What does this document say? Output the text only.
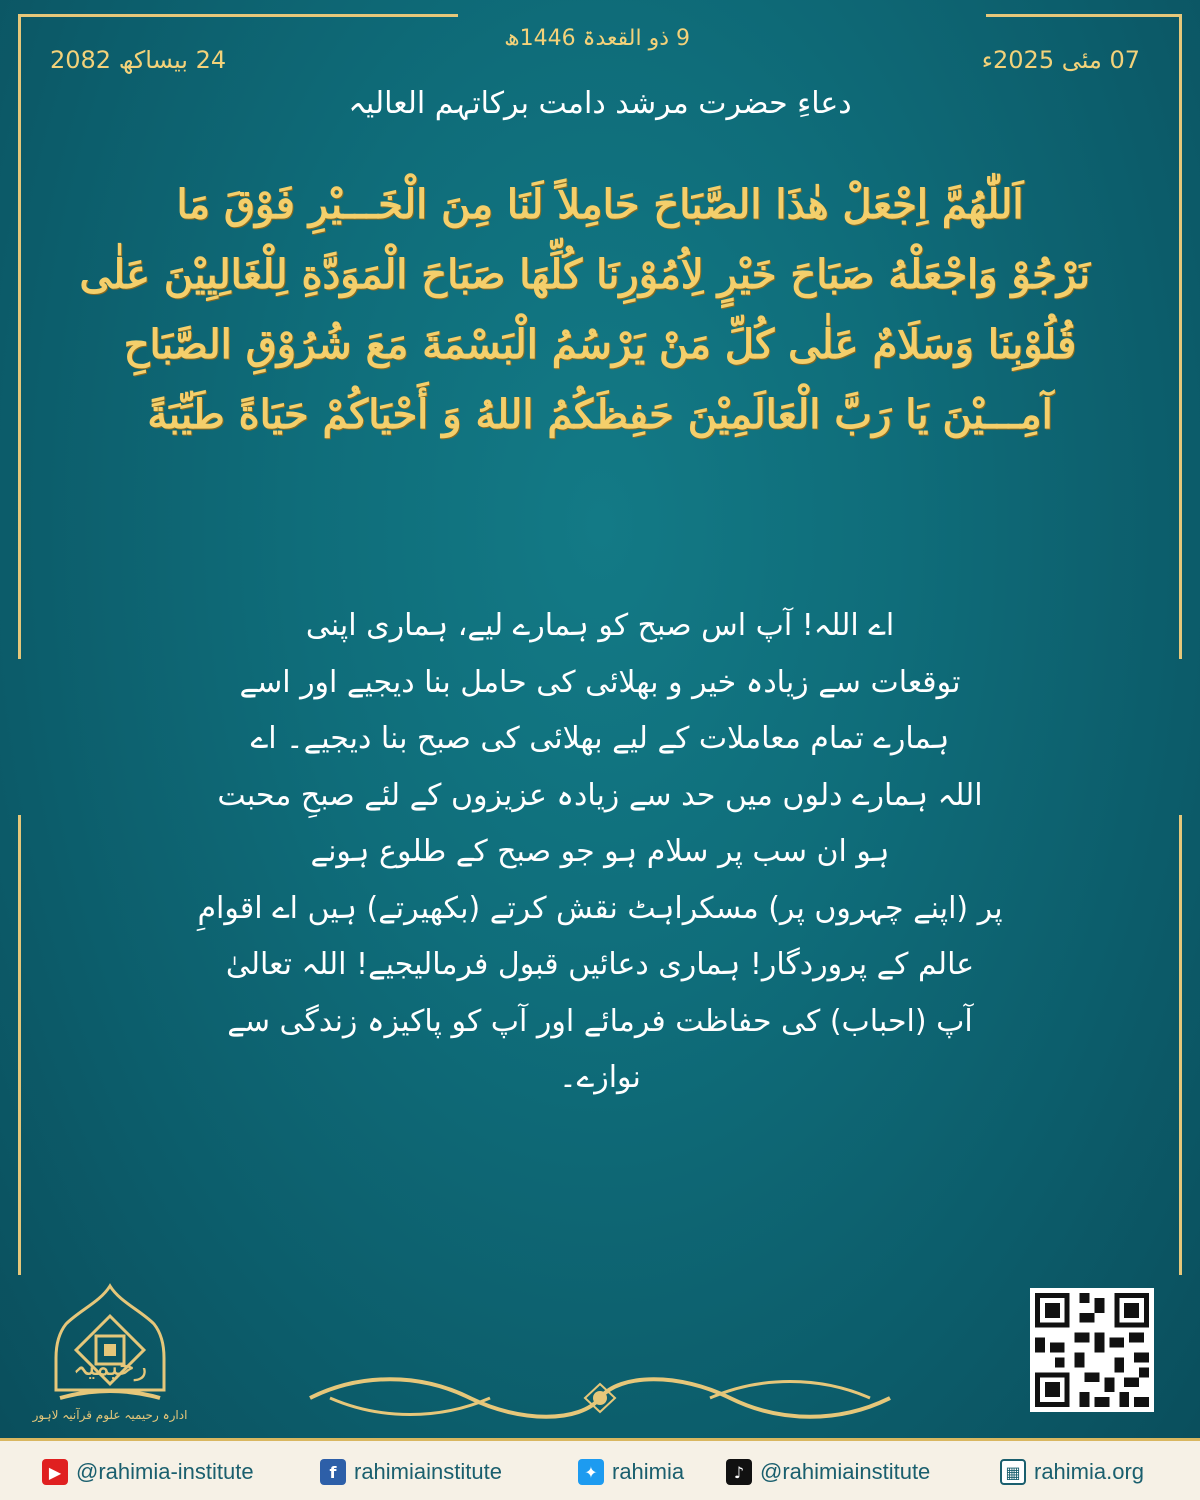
9 ذو القعدۃ 1446ھ
07 مئی 2025ء
24 بیساکھ 2082
دعاءِ حضرت مرشد دامت برکاتہم العالیہ
اَللّٰهُمَّ اِجْعَلْ هٰذَا الصَّبَاحَ حَامِلاً لَنَا مِنَ الْخَـــيْرِ فَوْقَ مَا
نَرْجُوْ وَاجْعَلْهُ صَبَاحَ خَيْرٍ لِاُمُوْرِنَا كُلِّهَا صَبَاحَ الْمَوَدَّةِ لِلْغَالِيِيْنَ عَلٰى
قُلُوْبِنَا وَسَلَامٌ عَلٰى كُلِّ مَنْ يَرْسُمُ الْبَسْمَةَ مَعَ شُرُوْقِ الصَّبَاحِ
آمِـــيْنَ يَا رَبَّ الْعَالَمِيْنَ حَفِظَكُمُ اللهُ وَ أَحْيَاكُمْ حَيَاةً طَيِّبَةً
اے اللہ! آپ اس صبح کو ہمارے لیے، ہماری اپنی
توقعات سے زیادہ خیر و بھلائی کی حامل بنا دیجیے اور اسے
ہمارے تمام معاملات کے لیے بھلائی کی صبح بنا دیجیے۔ اے
اللہ ہمارے دلوں میں حد سے زیادہ عزیزوں کے لئے صبحِ محبت
ہو ان سب پر سلام ہو جو صبح کے طلوع ہونے
پر (اپنے چہروں پر) مسکراہٹ نقش کرتے (بکھیرتے) ہیں اے اقوامِ
عالم کے پروردگار! ہماری دعائیں قبول فرمالیجیے! اللہ تعالیٰ
آپ (احباب) کی حفاظت فرمائے اور آپ کو پاکیزہ زندگی سے
نوازے۔
رحیمیہ
ادارہ رحیمیہ علوم قرآنیہ لاہور
▶ @rahimia-institute	f rahimiainstitute	✦ rahimia	♪ @rahimiainstitute	▦ rahimia.org
